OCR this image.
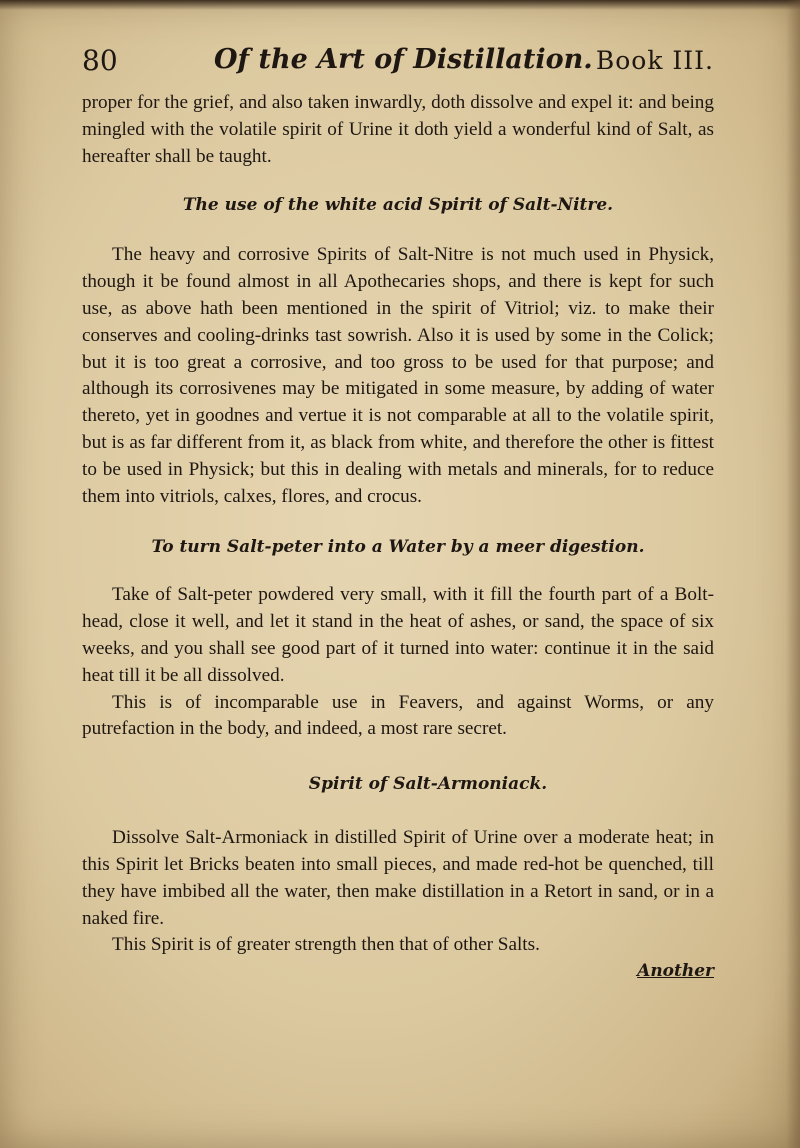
80	Of the Art of Distillation. Book III.

proper for the grief, and also taken inwardly, doth dissolve and expel it: and being mingled with the volatile spirit of Urine it doth yield a wonderful kind of Salt, as hereafter shall be taught.

The use of the white acid Spirit of Salt-Nitre.

The heavy and corrosive Spirits of Salt-Nitre is not much used in Physick, though it be found almost in all Apothecaries shops, and there is kept for such use, as above hath been mentioned in the spirit of Vitriol; viz. to make their conserves and cooling-drinks tast sowrish. Also it is used by some in the Colick; but it is too great a corrosive, and too gross to be used for that purpose; and although its corrosivenes may be mitigated in some measure, by adding of water thereto, yet in goodnes and vertue it is not comparable at all to the volatile spirit, but is as far different from it, as black from white, and therefore the other is fittest to be used in Physick; but this in dealing with metals and minerals, for to reduce them into vitriols, calxes, flores, and crocus.

To turn Salt-peter into a Water by a meer digestion.

Take of Salt-peter powdered very small, with it fill the fourth part of a Bolt-head, close it well, and let it stand in the heat of ashes, or sand, the space of six weeks, and you shall see good part of it turned into water: continue it in the said heat till it be all dissolved.

This is of incomparable use in Feavers, and against Worms, or any putrefaction in the body, and indeed, a most rare secret.

Spirit of Salt-Armoniack.

Dissolve Salt-Armoniack in distilled Spirit of Urine over a moderate heat; in this Spirit let Bricks beaten into small pieces, and made red-hot be quenched, till they have imbibed all the water, then make distillation in a Retort in sand, or in a naked fire.

This Spirit is of greater strength then that of other Salts.

Another
